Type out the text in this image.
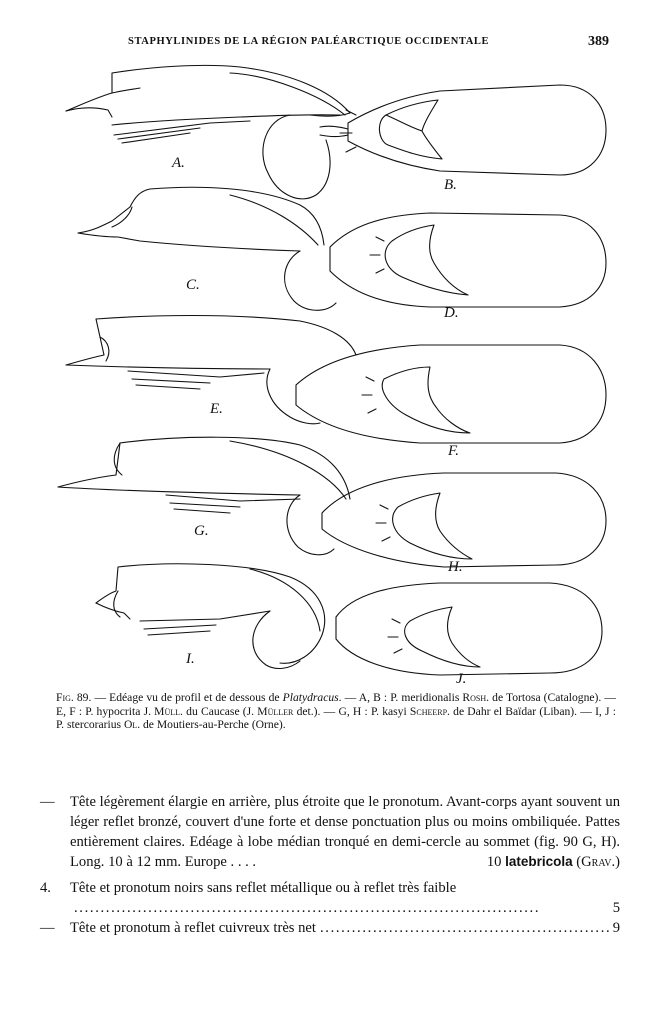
STAPHYLINIDES DE LA RÉGION PALÉARCTIQUE OCCIDENTALE	389
A.
B.
C.
D.
E.
F.
G.
H.
I.
J.
Fig. 89. — Edéage vu de profil et de dessous de Platydracus. — A, B : P. meridionalis Rosh. de Tortosa (Catalogne). — E, F : P. hypocrita J. Müll. du Caucase (J. Müller det.). — G, H : P. kasyi Scheerp. de Dahr el Baïdar (Liban). — I, J : P. stercorarius Ol. de Moutiers-au-Perche (Orne).
—	Tête légèrement élargie en arrière, plus étroite que le pronotum. Avant-corps ayant souvent un léger reflet bronzé, couvert d'une forte et dense ponctuation plus ou moins ombiliquée. Pattes entièrement claires. Edéage à lobe médian tronqué en demi-cercle au sommet (fig. 90 G, H). Long. 10 à 12 mm. Europe . . . .	10 latebricola (Grav.)
4.	Tête et pronotum noirs sans reflet métallique ou à reflet très faible
. . .
5
—	Tête et pronotum à reflet cuivreux très net
. . .	9
